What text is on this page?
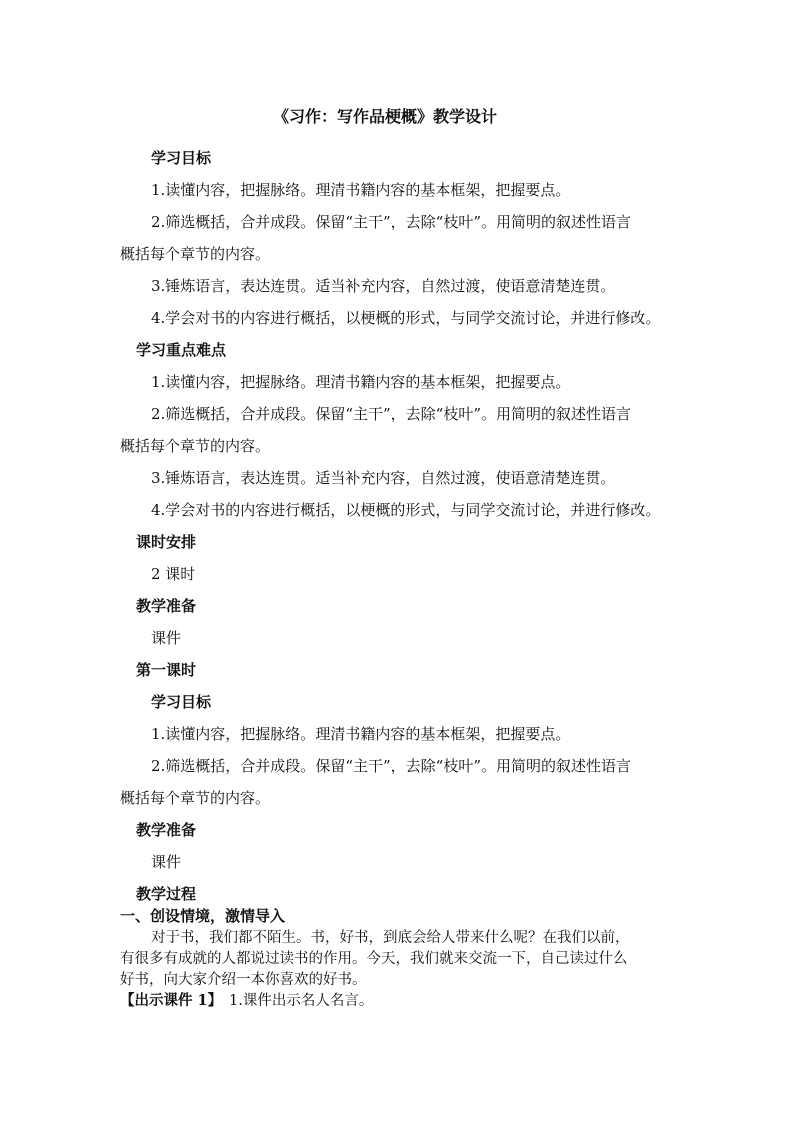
《习作：写作品梗概》教学设计
学习目标
1.读懂内容，把握脉络。理清书籍内容的基本框架，把握要点。
2.筛选概括，合并成段。保留“主干”，去除“枝叶”。用简明的叙述性语言
概括每个章节的内容。
3.锤炼语言，表达连贯。适当补充内容，自然过渡，使语意清楚连贯。
4.学会对书的内容进行概括，以梗概的形式，与同学交流讨论，并进行修改。
学习重点难点
1.读懂内容，把握脉络。理清书籍内容的基本框架，把握要点。
2.筛选概括，合并成段。保留“主干”，去除“枝叶”。用简明的叙述性语言
概括每个章节的内容。
3.锤炼语言，表达连贯。适当补充内容，自然过渡，使语意清楚连贯。
4.学会对书的内容进行概括，以梗概的形式，与同学交流讨论，并进行修改。
课时安排
2 课时
教学准备
课件
第一课时
学习目标
1.读懂内容，把握脉络。理清书籍内容的基本框架，把握要点。
2.筛选概括，合并成段。保留“主干”，去除“枝叶”。用简明的叙述性语言
概括每个章节的内容。
教学准备
课件
教学过程
一、创设情境，激情导入
对于书，我们都不陌生。书，好书，到底会给人带来什么呢？在我们以前，
有很多有成就的人都说过读书的作用。今天，我们就来交流一下，自己读过什么
好书，向大家介绍一本你喜欢的好书。
【出示课件 1】 1.课件出示名人名言。
